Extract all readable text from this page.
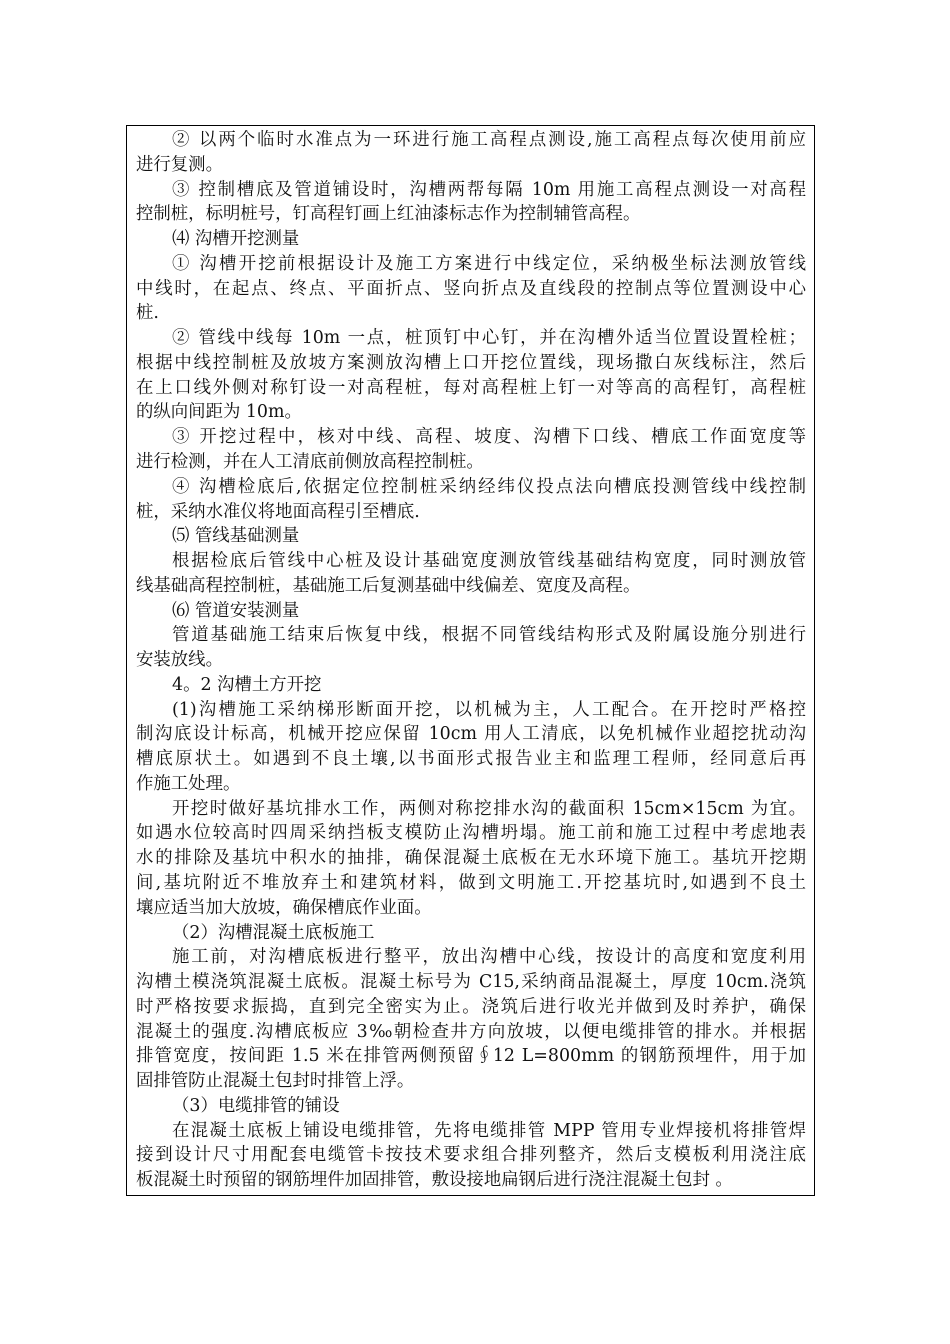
② 以两个临时水准点为一环进行施工高程点测设,施工高程点每次使用前应
进行复测。
③ 控制槽底及管道铺设时，沟槽两帮每隔 10m 用施工高程点测设一对高程
控制桩，标明桩号，钉高程钉画上红油漆标志作为控制辅管高程。
⑷ 沟槽开挖测量
① 沟槽开挖前根据设计及施工方案进行中线定位，采纳极坐标法测放管线
中线时，在起点、终点、平面折点、竖向折点及直线段的控制点等位置测设中心
桩.
② 管线中线每 10m 一点，桩顶钉中心钉，并在沟槽外适当位置设置栓桩；
根据中线控制桩及放坡方案测放沟槽上口开挖位置线，现场撒白灰线标注，然后
在上口线外侧对称钉设一对高程桩，每对高程桩上钉一对等高的高程钉，高程桩
的纵向间距为 10m。
③ 开挖过程中，核对中线、高程、坡度、沟槽下口线、槽底工作面宽度等
进行检测，并在人工清底前侧放高程控制桩。
④ 沟槽检底后,依据定位控制桩采纳经纬仪投点法向槽底投测管线中线控制
桩，采纳水准仪将地面高程引至槽底.
⑸ 管线基础测量
根据检底后管线中心桩及设计基础宽度测放管线基础结构宽度，同时测放管
线基础高程控制桩，基础施工后复测基础中线偏差、宽度及高程。
⑹ 管道安装测量
管道基础施工结束后恢复中线，根据不同管线结构形式及附属设施分别进行
安装放线。
4。2 沟槽土方开挖
(1)沟槽施工采纳梯形断面开挖，以机械为主，人工配合。在开挖时严格控
制沟底设计标高，机械开挖应保留 10cm 用人工清底，以免机械作业超挖扰动沟
槽底原状土。如遇到不良土壤,以书面形式报告业主和监理工程师，经同意后再
作施工处理。
开挖时做好基坑排水工作，两侧对称挖排水沟的截面积 15cm×15cm 为宜。
如遇水位较高时四周采纳挡板支模防止沟槽坍塌。施工前和施工过程中考虑地表
水的排除及基坑中积水的抽排，确保混凝土底板在无水环境下施工。基坑开挖期
间,基坑附近不堆放弃土和建筑材料，做到文明施工.开挖基坑时,如遇到不良土
壤应适当加大放坡，确保槽底作业面。
（2）沟槽混凝土底板施工
施工前，对沟槽底板进行整平，放出沟槽中心线，按设计的高度和宽度利用
沟槽土模浇筑混凝土底板。混凝土标号为 C15,采纳商品混凝土，厚度 10cm.浇筑
时严格按要求振捣，直到完全密实为止。浇筑后进行收光并做到及时养护，确保
混凝土的强度.沟槽底板应 3‰朝检查井方向放坡，以便电缆排管的排水。并根据
排管宽度，按间距 1.5 米在排管两侧预留∮12 L=800mm 的钢筋预埋件，用于加
固排管防止混凝土包封时排管上浮。
（3）电缆排管的铺设
在混凝土底板上铺设电缆排管，先将电缆排管 MPP 管用专业焊接机将排管焊
接到设计尺寸用配套电缆管卡按技术要求组合排列整齐，然后支模板利用浇注底
板混凝土时预留的钢筋埋件加固排管，敷设接地扁钢后进行浇注混凝土包封 。
